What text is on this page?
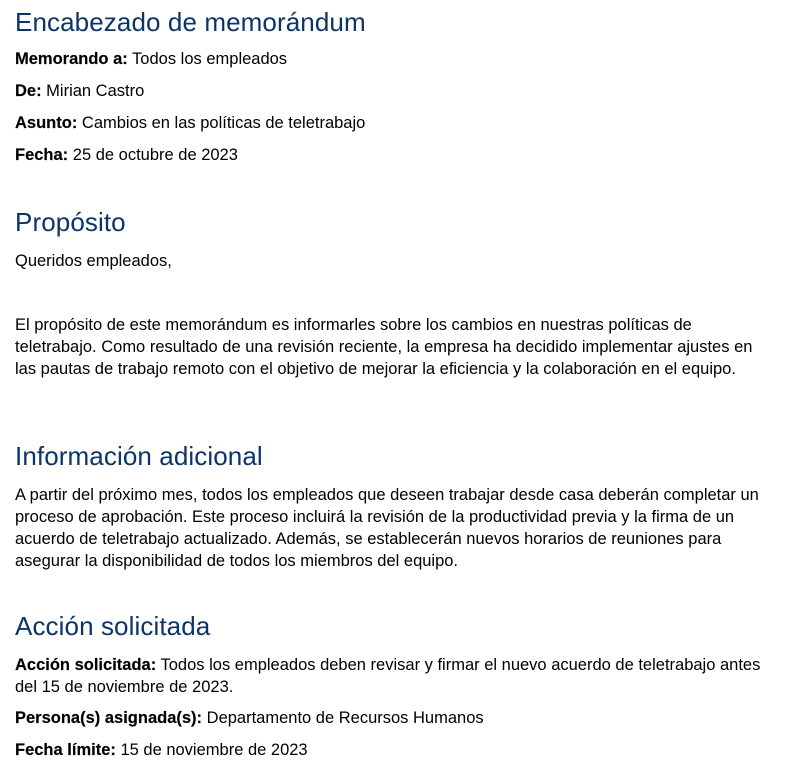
Encabezado de memorándum

Memorando a: Todos los empleados

De: Mirian Castro

Asunto: Cambios en las políticas de teletrabajo

Fecha: 25 de octubre de 2023

Propósito

Queridos empleados,

El propósito de este memorándum es informarles sobre los cambios en nuestras políticas de teletrabajo. Como resultado de una revisión reciente, la empresa ha decidido implementar ajustes en las pautas de trabajo remoto con el objetivo de mejorar la eficiencia y la colaboración en el equipo.

Información adicional

A partir del próximo mes, todos los empleados que deseen trabajar desde casa deberán completar un proceso de aprobación. Este proceso incluirá la revisión de la productividad previa y la firma de un acuerdo de teletrabajo actualizado. Además, se establecerán nuevos horarios de reuniones para asegurar la disponibilidad de todos los miembros del equipo.

Acción solicitada

Acción solicitada: Todos los empleados deben revisar y firmar el nuevo acuerdo de teletrabajo antes del 15 de noviembre de 2023.

Persona(s) asignada(s): Departamento de Recursos Humanos

Fecha límite: 15 de noviembre de 2023
